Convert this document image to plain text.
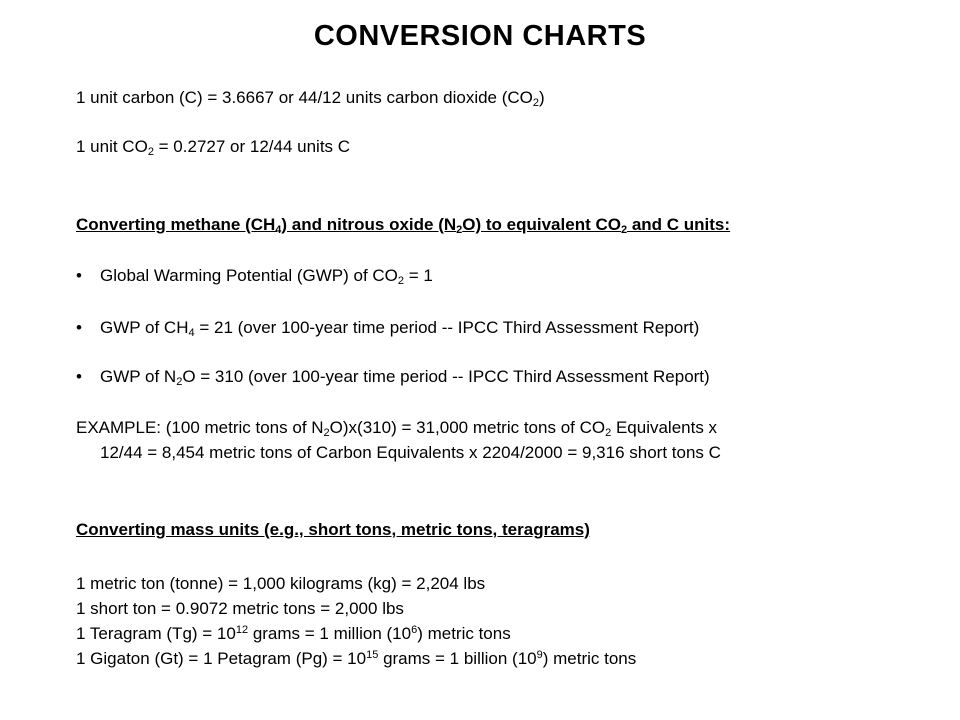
CONVERSION CHARTS
1 unit carbon (C) = 3.6667 or 44/12 units carbon dioxide $(CO_2)$
1 unit $CO_2 = 0.2727$ or 12/44 units C
Converting methane $(CH_4)$ and nitrous oxide $(N_2O)$ to equivalent $CO_2$ and C units:
• Global Warming Potential (GWP) of $CO_2 = 1$
• GWP of $CH_4 = 21$ (over 100-year time period -- IPCC Third Assessment Report)
• GWP of $N_2O = 310$ (over 100-year time period -- IPCC Third Assessment Report)
EXAMPLE: (100 metric tons of $N_2O)x(310) = 31,000$ metric tons of $CO_2$ Equivalents x
12/44 = 8,454 metric tons of Carbon Equivalents x 2204/2000 = 9,316 short tons C
Converting mass units (e.g., short tons, metric tons, teragrams)
1 metric ton (tonne) = 1,000 kilograms (kg) = 2,204 lbs
1 short ton = 0.9072 metric tons = 2,000 lbs
1 Teragram $(Tg) = 10^{12}$ grams = 1 million $(10^6)$ metric tons
1 Gigaton (Gt) = 1 Petagram $(Pg) = 10^{15}$ grams = 1 billion $(10^9)$ metric tons
